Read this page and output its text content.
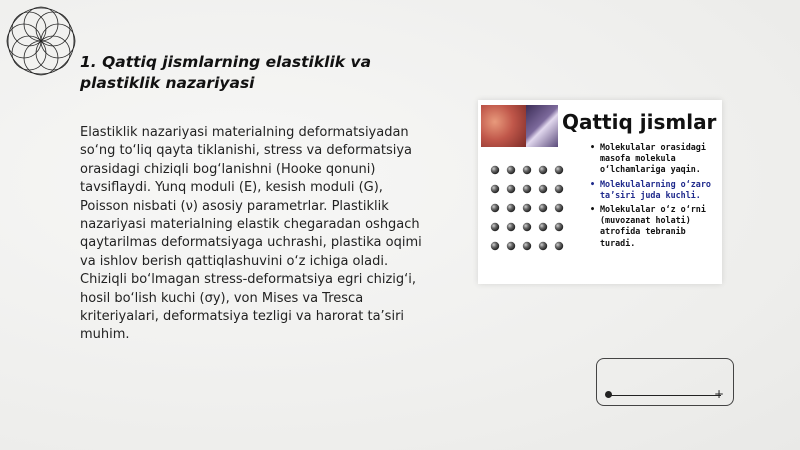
1. Qattiq jismlarning elastiklik va plastiklik nazariyasi
Elastiklik nazariyasi materialning deformatsiyadan so‘ng to‘liq qayta tiklanishi, stress va deformatsiya orasidagi chiziqli bog‘lanishni (Hooke qonuni) tavsiflaydi. Yunq moduli (E), kesish moduli (G), Poisson nisbati (ν) asosiy parametrlar. Plastiklik nazariyasi materialning elastik chegaradan oshgach qaytarilmas deformatsiyaga uchrashi, plastika oqimi va ishlov berish qattiqlashuvini o‘z ichiga oladi. Chiziqli bo‘lmagan stress-deformatsiya egri chizig‘i, hosil bo‘lish kuchi (σy), von Mises va Tresca kriteriyalari, deformatsiya tezligi va harorat ta’siri muhim.
Qattiq jismlar
• Molekulalar orasidagi masofa molekula o‘lchamlariga yaqin.
• Molekulalarning o‘zaro ta’siri juda kuchli.
• Molekulalar o‘z o‘rni (muvozanat holati) atrofida tebranib turadi.
+
